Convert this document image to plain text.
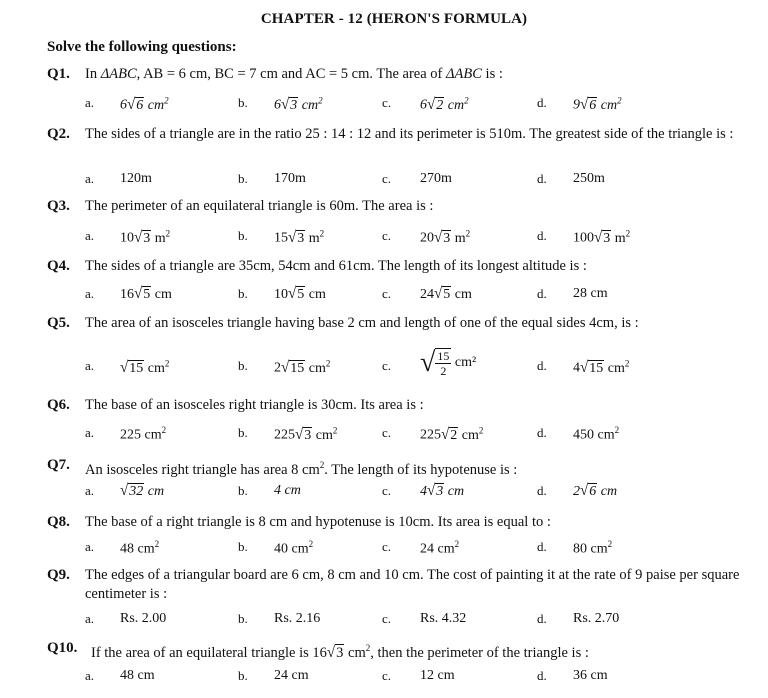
CHAPTER - 12 (HERON'S FORMULA)
Solve the following questions:
Q1. In ΔABC, AB = 6 cm, BC = 7 cm and AC = 5 cm. The area of ΔABC is :
a. 6√6 $cm^2$	b. 6√3 $cm^2$	c. 6√2 $cm^2$	d. 9√6 $cm^2$
Q2. The sides of a triangle are in the ratio 25 : 14 : 12 and its perimeter is 510m. The greatest side of the triangle is :
a. 120m	b. 170m	c. 270m	d. 250m
Q3. The perimeter of an equilateral triangle is 60m. The area is :
a. 10√3 $m^2$	b. 15√3 $m^2$	c. 20√3 $m^2$	d. 100√3 $m^2$
Q4. The sides of a triangle are 35cm, 54cm and 61cm. The length of its longest altitude is :
a. 16√5 cm	b. 10√5 cm	c. 24√5 cm	d. 28 cm
Q5. The area of an isosceles triangle having base 2 cm and length of one of the equal sides 4cm, is :
a. √15 $cm^2$	b. 2√15 $cm^2$	c. √ $\frac{15}{2} cm^2$	d. 4√15 $cm^2$
Q6. The base of an isosceles right triangle is 30cm. Its area is :
a. 225 $cm^2$	b. 225√3 $cm^2$	c. 225√2 $cm^2$	d. 450 $cm^2$
Q7. An isosceles right triangle has area 8 $cm^2$. The length of its hypotenuse is :
a. √32 cm	b. 4 cm	c. 4√3 cm	d. 2√6 cm
Q8. The base of a right triangle is 8 cm and hypotenuse is 10cm. Its area is equal to :
a. 48 $cm^2$	b. 40 $cm^2$	c. 24 $cm^2$	d. 80 $cm^2$
Q9. The edges of a triangular board are 6 cm, 8 cm and 10 cm. The cost of painting it at the rate of 9 paise per square centimeter is :
a. Rs. 2.00	b. Rs. 2.16	c. Rs. 4.32	d. Rs. 2.70
Q10. If the area of an equilateral triangle is 16√3 $cm^2$, then the perimeter of the triangle is :
a. 48 cm	b. 24 cm	c. 12 cm	d. 36 cm
